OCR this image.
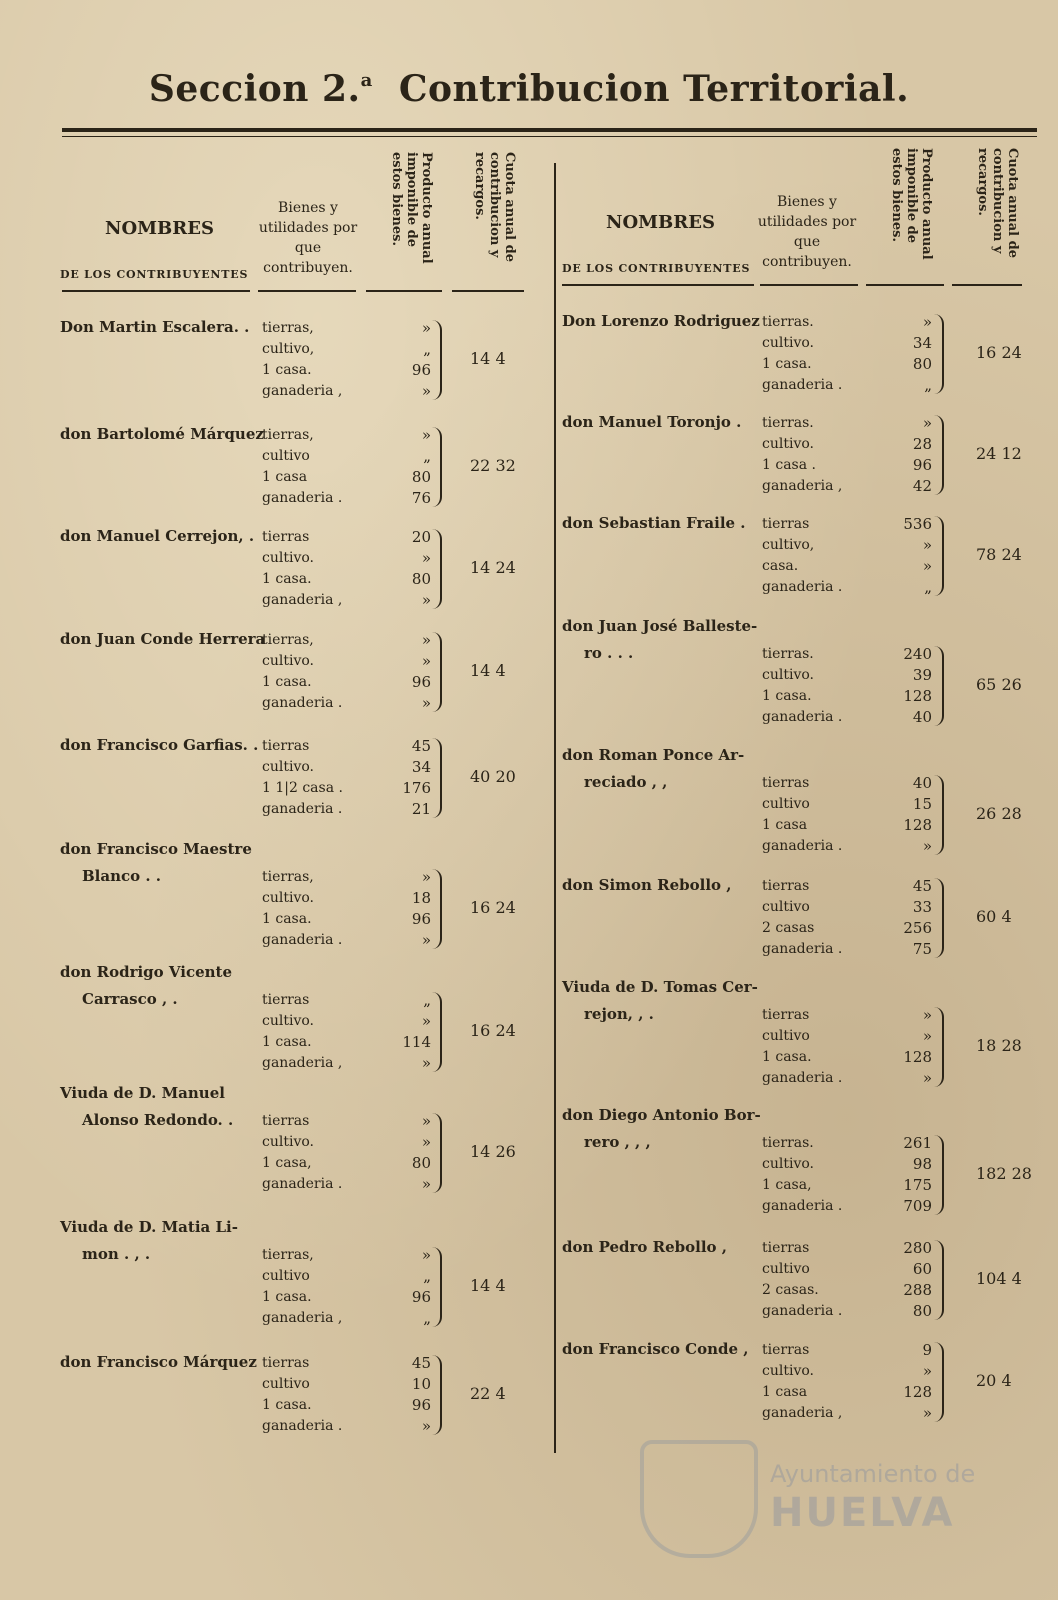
Seccion 2.$^a$ Contribucion Territorial.
NOMBRES
DE LOS CONTRIBUYENTES
Bienes y utilidades por que contribuyen.
Producto anual imponible de estos bienes.	Cuota anual de contribucion y recargos.
NOMBRES
DE LOS CONTRIBUYENTES
Bienes y utilidades por que contribuyen.
Producto anual imponible de estos bienes.	Cuota anual de contribucion y recargos.
Don Martin Escalera. . tierras,	»
cultivo,	„
1 casa.	96
ganaderia ,	»
14 4
don Bartolomé Márquez
tierras,	»
cultivo	„
1 casa	80
ganaderia .	76
22 32
don Manuel Cerrejon, . tierras	20
cultivo.	»
1 casa.	80
ganaderia ,	»
14 24
don Juan Conde Herrera
tierras,	»
cultivo.	»
1 casa.	96
ganaderia .	»
14 4
don Francisco Garfias. . tierras	45
cultivo.	34
1 1|2 casa .	176
ganaderia .	21
40 20
don Francisco Maestre
Blanco . .	tierras,	»
cultivo.	18
1 casa.	96
ganaderia .	»
16 24
don Rodrigo Vicente
Carrasco , .	tierras	„
cultivo.	»
1 casa.	114
ganaderia ,	»
16 24
Viuda de D. Manuel
Alonso Redondo. . tierras	»
cultivo.	»
1 casa,	80
ganaderia .	»
14 26
Viuda de D. Matia Li-
mon . , .	tierras,	»
cultivo	„
1 casa.	96
ganaderia ,	„
14 4
don Francisco Márquez tierras	45
cultivo	10
1 casa.	96
ganaderia .	»
22 4
Don Lorenzo Rodriguez tierras.	»
cultivo.	34
1 casa.	80
ganaderia .	„
16 24
don Manuel Toronjo . tierras.	»
cultivo.	28
1 casa .	96
ganaderia ,	42
24 12
don Sebastian Fraile . tierras	536
cultivo,	»
casa.	»
ganaderia .	„
78 24
don Juan José Balleste-
ro . . .	tierras.	240
cultivo.	39
1 casa.	128
ganaderia .	40
65 26
don Roman Ponce Ar-
reciado , ,	tierras	40
cultivo	15
1 casa	128
ganaderia .	»
26 28
don Simon Rebollo , tierras	45
cultivo	33
2 casas	256
ganaderia .	75
60 4
Viuda de D. Tomas Cer-
rejon, , .	tierras	»
cultivo	»
1 casa.	128
ganaderia .	»
18 28
don Diego Antonio Bor-
rero , , ,	tierras.	261
cultivo.	98
1 casa,	175
ganaderia .	709
182 28
don Pedro Rebollo , tierras	280
cultivo	60
2 casas.	288
ganaderia .	80
104 4
don Francisco Conde , tierras	9
cultivo.	»
1 casa	128
ganaderia ,	»
20 4
Ayuntamiento de
HUELVA
